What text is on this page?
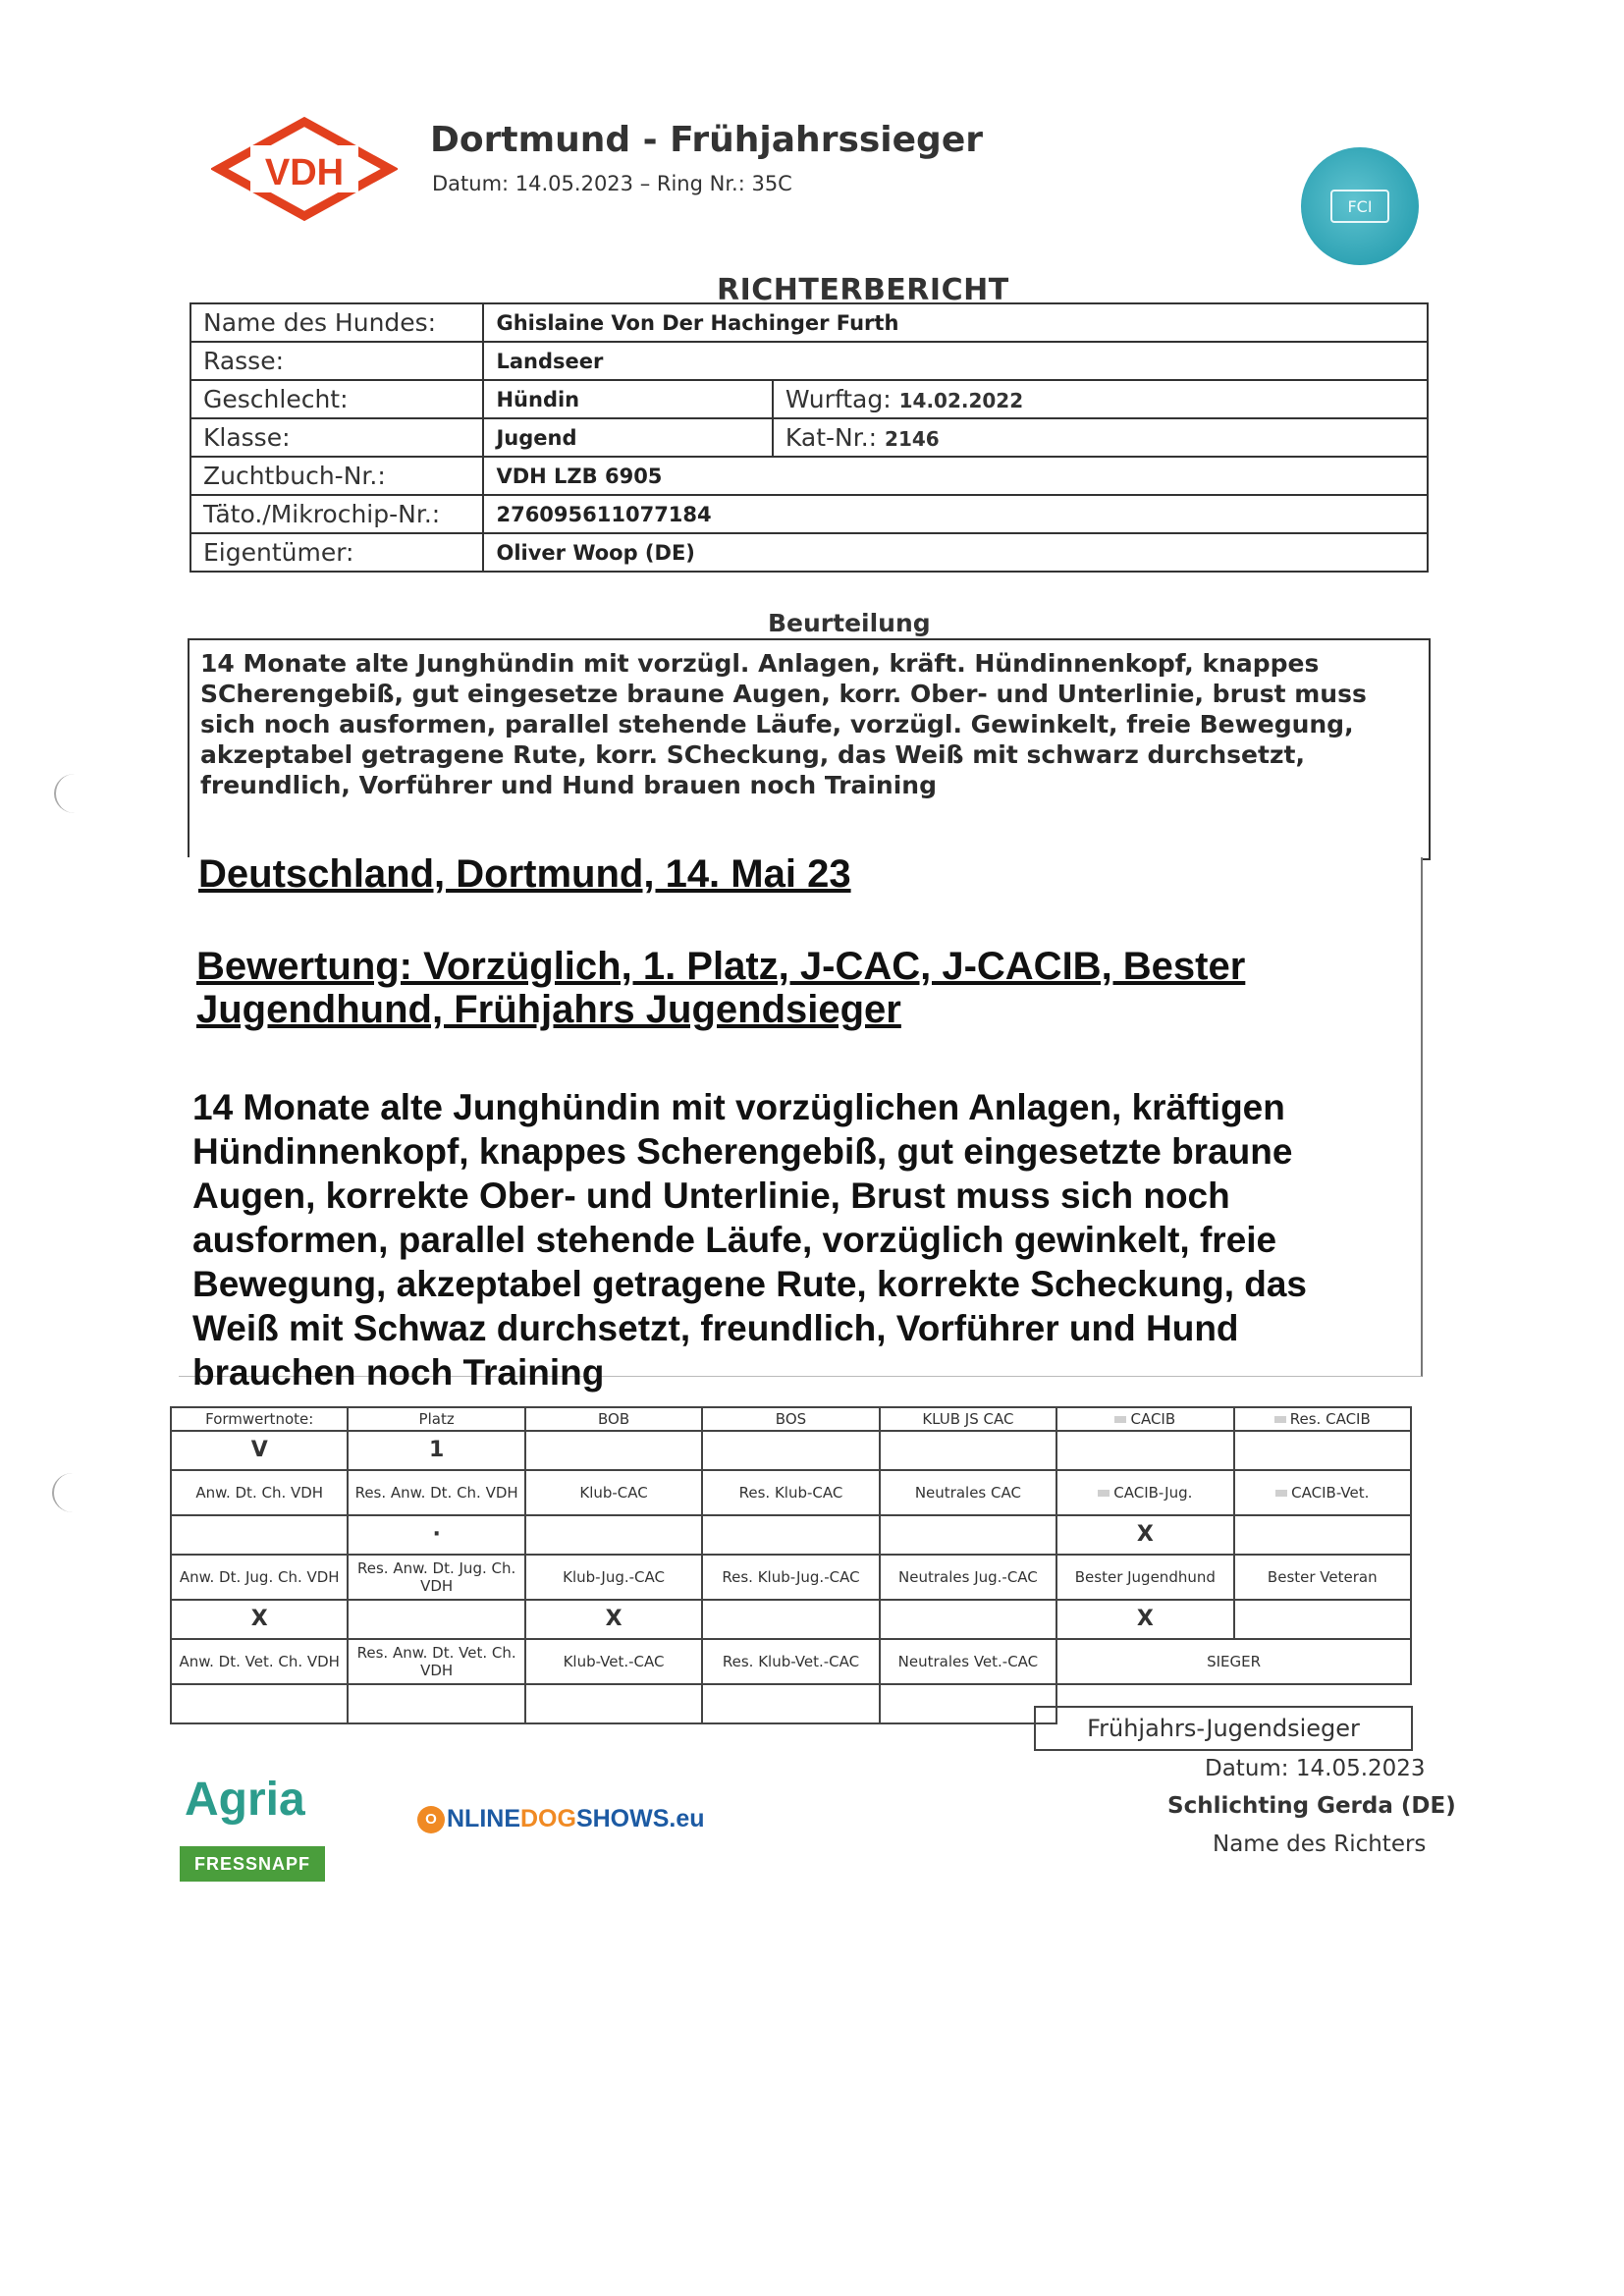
VDH
Dortmund - Frühjahrssieger
Datum: 14.05.2023 – Ring Nr.: 35C
FCI
RICHTERBERICHT
Name des Hundes:	Ghislaine Von Der Hachinger Furth	
Rasse:	Landseer	
Geschlecht:	Hündin	Wurftag: 14.02.2022
Klasse:	Jugend	Kat-Nr.: 2146
Zuchtbuch-Nr.:	VDH LZB 6905	
Täto./Mikrochip-Nr.:	276095611077184	
Eigentümer:	Oliver Woop (DE)	
Beurteilung
14 Monate alte Junghündin mit vorzügl. Anlagen, kräft. Hündinnenkopf, knappes SCherengebiß, gut eingesetze braune Augen, korr. Ober- und Unterlinie, brust muss sich noch ausformen, parallel stehende Läufe, vorzügl. Gewinkelt, freie Bewegung, akzeptabel getragene Rute, korr. SCheckung, das Weiß mit schwarz durchsetzt, freundlich, Vorführer und Hund brauen noch Training
Deutschland, Dortmund, 14. Mai 23
Bewertung: Vorzüglich, 1. Platz, J-CAC, J-CACIB, Bester Jugendhund, Frühjahrs Jugendsieger
14 Monate alte Junghündin mit vorzüglichen Anlagen, kräftigen Hündinnenkopf, knappes Scherengebiß, gut eingesetzte braune Augen, korrekte Ober- und Unterlinie, Brust muss sich noch ausformen, parallel stehende Läufe, vorzüglich gewinkelt, freie Bewegung, akzeptabel getragene Rute, korrekte Scheckung, das Weiß mit Schwaz durchsetzt, freundlich, Vorführer und Hund brauchen noch Training
Formwertnote:	Platz	BOB	BOS	KLUB JS CAC	CACIB	Res. CACIB
V	1					
Anw. Dt. Ch. VDH	Res. Anw. Dt. Ch. VDH	Klub-CAC	Res. Klub-CAC	Neutrales CAC	CACIB-Jug.	CACIB-Vet.
	·				X	
Anw. Dt. Jug. Ch. VDH	Res. Anw. Dt. Jug. Ch. VDH	Klub-Jug.-CAC	Res. Klub-Jug.-CAC	Neutrales Jug.-CAC	Bester Jugendhund	Bester Veteran
X		X			X	
Anw. Dt. Vet. Ch. VDH	Res. Anw. Dt. Vet. Ch. VDH	Klub-Vet.-CAC	Res. Klub-Vet.-CAC	Neutrales Vet.-CAC	SIEGER	

Frühjahrs-Jugendsieger
Datum: 14.05.2023
Schlichting Gerda (DE)
Name des Richters
Agria
FRESSNAPF
O NLINEDOGSHOWS.eu
